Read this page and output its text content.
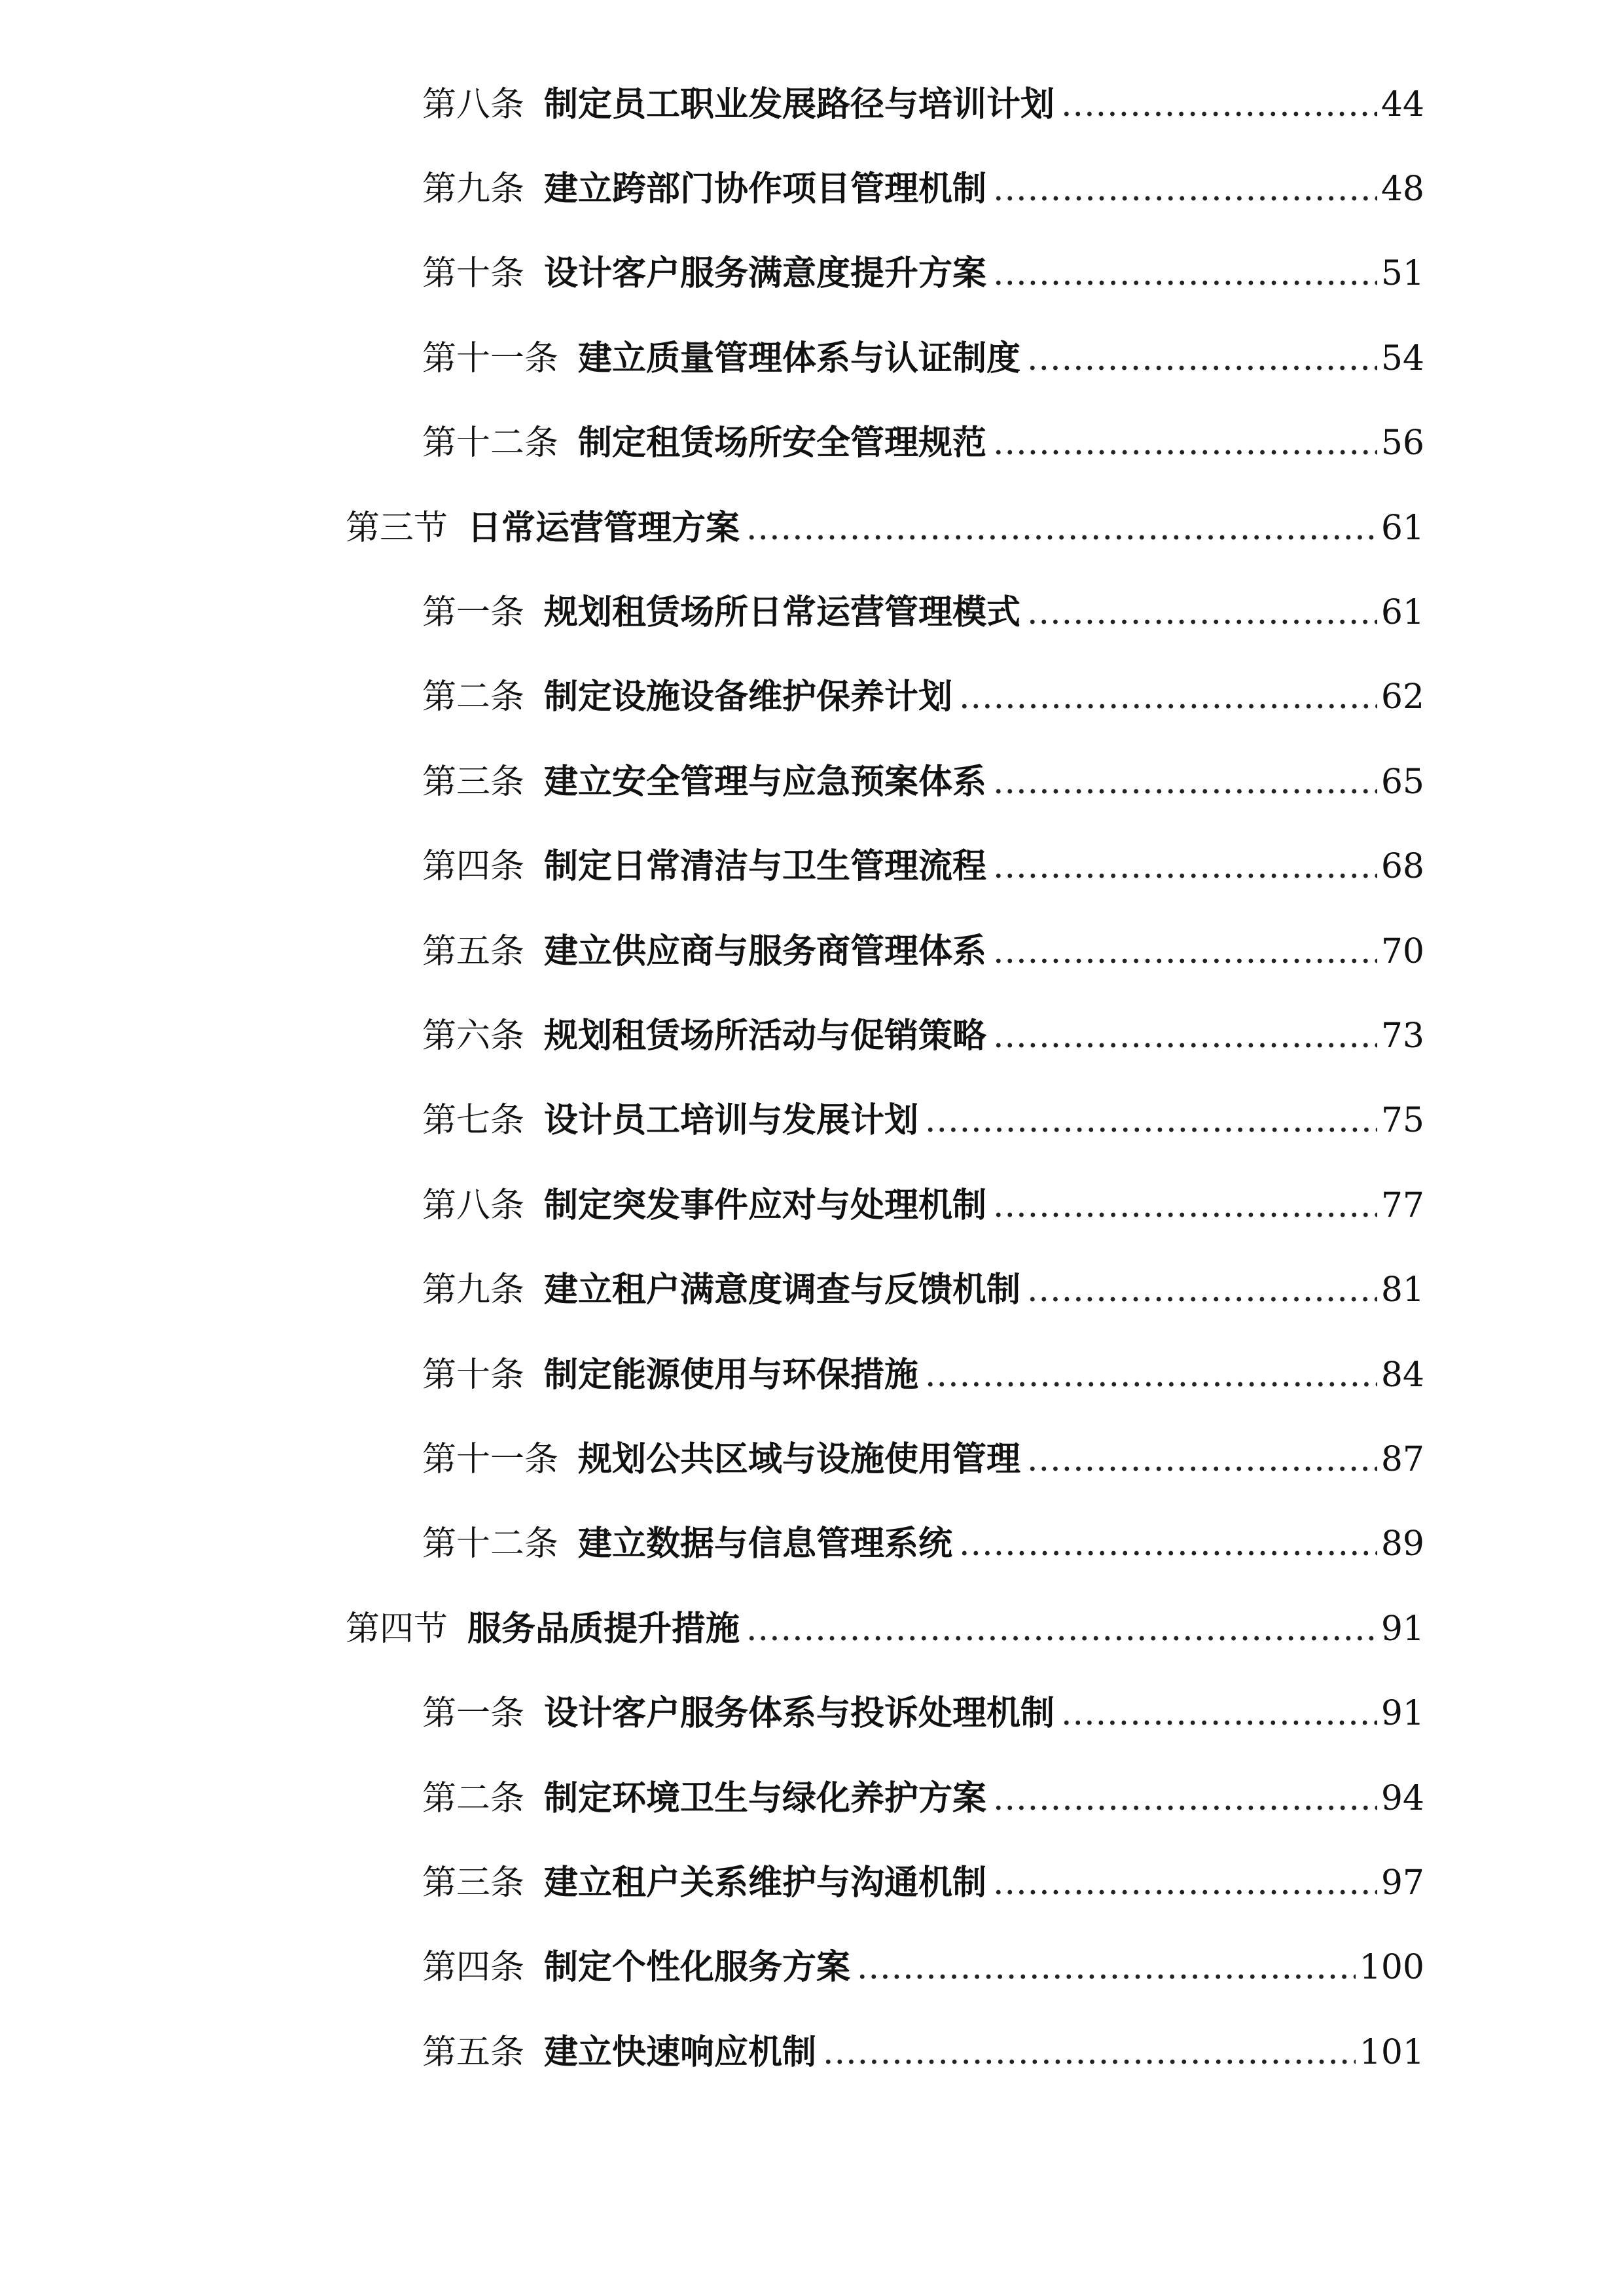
第八条 制定员工职业发展路径与培训计划 .....	44
第九条 建立跨部门协作项目管理机制 .....	48
第十条 设计客户服务满意度提升方案 .....	51
第十一条 建立质量管理体系与认证制度 .....	54
第十二条 制定租赁场所安全管理规范 .....	56
第三节 日常运营管理方案 .....	61
第一条 规划租赁场所日常运营管理模式 .....	61
第二条 制定设施设备维护保养计划 .....	62
第三条 建立安全管理与应急预案体系 .....	65
第四条 制定日常清洁与卫生管理流程 .....	68
第五条 建立供应商与服务商管理体系 .....	70
第六条 规划租赁场所活动与促销策略 .....	73
第七条 设计员工培训与发展计划 .....	75
第八条 制定突发事件应对与处理机制 .....	77
第九条 建立租户满意度调查与反馈机制 .....	81
第十条 制定能源使用与环保措施 .....	84
第十一条 规划公共区域与设施使用管理 .....	87
第十二条 建立数据与信息管理系统 .....	89
第四节 服务品质提升措施 .....	91
第一条 设计客户服务体系与投诉处理机制 .....	91
第二条 制定环境卫生与绿化养护方案 .....	94
第三条 建立租户关系维护与沟通机制 .....	97
第四条 制定个性化服务方案 .....	100
第五条 建立快速响应机制 .....	101
